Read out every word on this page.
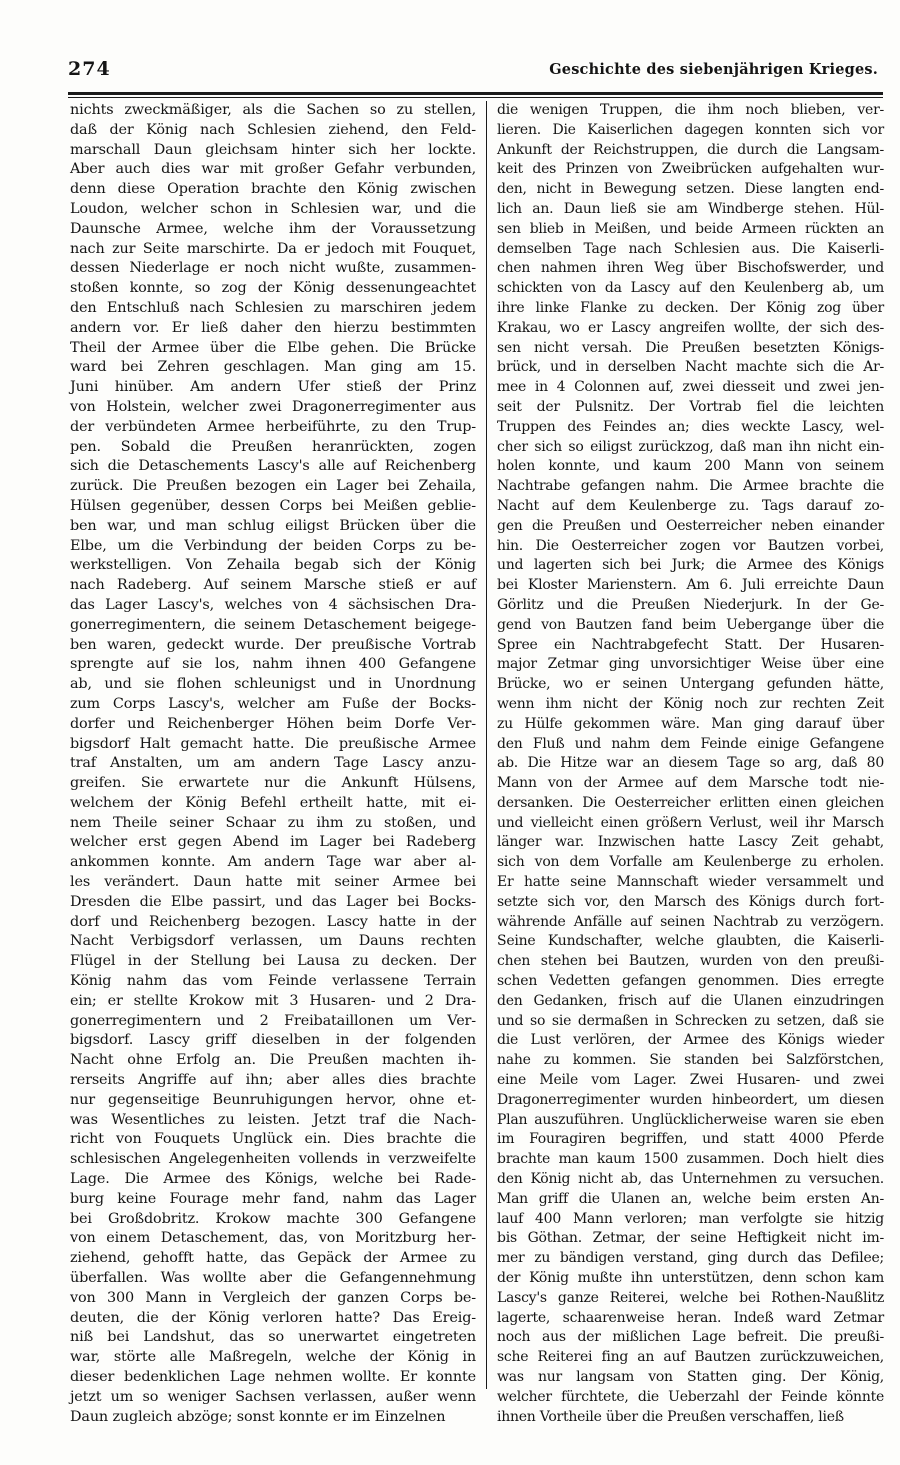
274	Geschichte des siebenjährigen Krieges.
nichts zweckmäßiger, als die Sachen so zu stellen,
daß der König nach Schlesien ziehend, den Feld-
marschall Daun gleichsam hinter sich her lockte.
Aber auch dies war mit großer Gefahr verbunden,
denn diese Operation brachte den König zwischen
Loudon, welcher schon in Schlesien war, und die
Daunsche Armee, welche ihm der Voraussetzung
nach zur Seite marschirte. Da er jedoch mit Fouquet,
dessen Niederlage er noch nicht wußte, zusammen-
stoßen konnte, so zog der König dessenungeachtet
den Entschluß nach Schlesien zu marschiren jedem
andern vor. Er ließ daher den hierzu bestimmten
Theil der Armee über die Elbe gehen. Die Brücke
ward bei Zehren geschlagen. Man ging am 15.
Juni hinüber. Am andern Ufer stieß der Prinz
von Holstein, welcher zwei Dragonerregimenter aus
der verbündeten Armee herbeiführte, zu den Trup-
pen. Sobald die Preußen heranrückten, zogen
sich die Detaschements Lascy's alle auf Reichenberg
zurück. Die Preußen bezogen ein Lager bei Zehaila,
Hülsen gegenüber, dessen Corps bei Meißen geblie-
ben war, und man schlug eiligst Brücken über die
Elbe, um die Verbindung der beiden Corps zu be-
werkstelligen. Von Zehaila begab sich der König
nach Radeberg. Auf seinem Marsche stieß er auf
das Lager Lascy's, welches von 4 sächsischen Dra-
gonerregimentern, die seinem Detaschement beigege-
ben waren, gedeckt wurde. Der preußische Vortrab
sprengte auf sie los, nahm ihnen 400 Gefangene
ab, und sie flohen schleunigst und in Unordnung
zum Corps Lascy's, welcher am Fuße der Bocks-
dorfer und Reichenberger Höhen beim Dorfe Ver-
bigsdorf Halt gemacht hatte. Die preußische Armee
traf Anstalten, um am andern Tage Lascy anzu-
greifen. Sie erwartete nur die Ankunft Hülsens,
welchem der König Befehl ertheilt hatte, mit ei-
nem Theile seiner Schaar zu ihm zu stoßen, und
welcher erst gegen Abend im Lager bei Radeberg
ankommen konnte. Am andern Tage war aber al-
les verändert. Daun hatte mit seiner Armee bei
Dresden die Elbe passirt, und das Lager bei Bocks-
dorf und Reichenberg bezogen. Lascy hatte in der
Nacht Verbigsdorf verlassen, um Dauns rechten
Flügel in der Stellung bei Lausa zu decken. Der
König nahm das vom Feinde verlassene Terrain
ein; er stellte Krokow mit 3 Husaren- und 2 Dra-
gonerregimentern und 2 Freibataillonen um Ver-
bigsdorf. Lascy griff dieselben in der folgenden
Nacht ohne Erfolg an. Die Preußen machten ih-
rerseits Angriffe auf ihn; aber alles dies brachte
nur gegenseitige Beunruhigungen hervor, ohne et-
was Wesentliches zu leisten. Jetzt traf die Nach-
richt von Fouquets Unglück ein. Dies brachte die
schlesischen Angelegenheiten vollends in verzweifelte
Lage. Die Armee des Königs, welche bei Rade-
burg keine Fourage mehr fand, nahm das Lager
bei Großdobritz. Krokow machte 300 Gefangene
von einem Detaschement, das, von Moritzburg her-
ziehend, gehofft hatte, das Gepäck der Armee zu
überfallen. Was wollte aber die Gefangennehmung
von 300 Mann in Vergleich der ganzen Corps be-
deuten, die der König verloren hatte? Das Ereig-
niß bei Landshut, das so unerwartet eingetreten
war, störte alle Maßregeln, welche der König in
dieser bedenklichen Lage nehmen wollte. Er konnte
jetzt um so weniger Sachsen verlassen, außer wenn
Daun zugleich abzöge; sonst konnte er im Einzelnen
die wenigen Truppen, die ihm noch blieben, ver-
lieren. Die Kaiserlichen dagegen konnten sich vor
Ankunft der Reichstruppen, die durch die Langsam-
keit des Prinzen von Zweibrücken aufgehalten wur-
den, nicht in Bewegung setzen. Diese langten end-
lich an. Daun ließ sie am Windberge stehen. Hül-
sen blieb in Meißen, und beide Armeen rückten an
demselben Tage nach Schlesien aus. Die Kaiserli-
chen nahmen ihren Weg über Bischofswerder, und
schickten von da Lascy auf den Keulenberg ab, um
ihre linke Flanke zu decken. Der König zog über
Krakau, wo er Lascy angreifen wollte, der sich des-
sen nicht versah. Die Preußen besetzten Königs-
brück, und in derselben Nacht machte sich die Ar-
mee in 4 Colonnen auf, zwei diesseit und zwei jen-
seit der Pulsnitz. Der Vortrab fiel die leichten
Truppen des Feindes an; dies weckte Lascy, wel-
cher sich so eiligst zurückzog, daß man ihn nicht ein-
holen konnte, und kaum 200 Mann von seinem
Nachtrabe gefangen nahm. Die Armee brachte die
Nacht auf dem Keulenberge zu. Tags darauf zo-
gen die Preußen und Oesterreicher neben einander
hin. Die Oesterreicher zogen vor Bautzen vorbei,
und lagerten sich bei Jurk; die Armee des Königs
bei Kloster Marienstern. Am 6. Juli erreichte Daun
Görlitz und die Preußen Niederjurk. In der Ge-
gend von Bautzen fand beim Uebergange über die
Spree ein Nachtrabgefecht Statt. Der Husaren-
major Zetmar ging unvorsichtiger Weise über eine
Brücke, wo er seinen Untergang gefunden hätte,
wenn ihm nicht der König noch zur rechten Zeit
zu Hülfe gekommen wäre. Man ging darauf über
den Fluß und nahm dem Feinde einige Gefangene
ab. Die Hitze war an diesem Tage so arg, daß 80
Mann von der Armee auf dem Marsche todt nie-
dersanken. Die Oesterreicher erlitten einen gleichen
und vielleicht einen größern Verlust, weil ihr Marsch
länger war. Inzwischen hatte Lascy Zeit gehabt,
sich von dem Vorfalle am Keulenberge zu erholen.
Er hatte seine Mannschaft wieder versammelt und
setzte sich vor, den Marsch des Königs durch fort-
währende Anfälle auf seinen Nachtrab zu verzögern.
Seine Kundschafter, welche glaubten, die Kaiserli-
chen stehen bei Bautzen, wurden von den preußi-
schen Vedetten gefangen genommen. Dies erregte
den Gedanken, frisch auf die Ulanen einzudringen
und so sie dermaßen in Schrecken zu setzen, daß sie
die Lust verlören, der Armee des Königs wieder
nahe zu kommen. Sie standen bei Salzförstchen,
eine Meile vom Lager. Zwei Husaren- und zwei
Dragonerregimenter wurden hinbeordert, um diesen
Plan auszuführen. Unglücklicherweise waren sie eben
im Fouragiren begriffen, und statt 4000 Pferde
brachte man kaum 1500 zusammen. Doch hielt dies
den König nicht ab, das Unternehmen zu versuchen.
Man griff die Ulanen an, welche beim ersten An-
lauf 400 Mann verloren; man verfolgte sie hitzig
bis Göthan. Zetmar, der seine Heftigkeit nicht im-
mer zu bändigen verstand, ging durch das Defilee;
der König mußte ihn unterstützen, denn schon kam
Lascy's ganze Reiterei, welche bei Rothen-Naußlitz
lagerte, schaarenweise heran. Indeß ward Zetmar
noch aus der mißlichen Lage befreit. Die preußi-
sche Reiterei fing an auf Bautzen zurückzuweichen,
was nur langsam von Statten ging. Der König,
welcher fürchtete, die Ueberzahl der Feinde könnte
ihnen Vortheile über die Preußen verschaffen, ließ
